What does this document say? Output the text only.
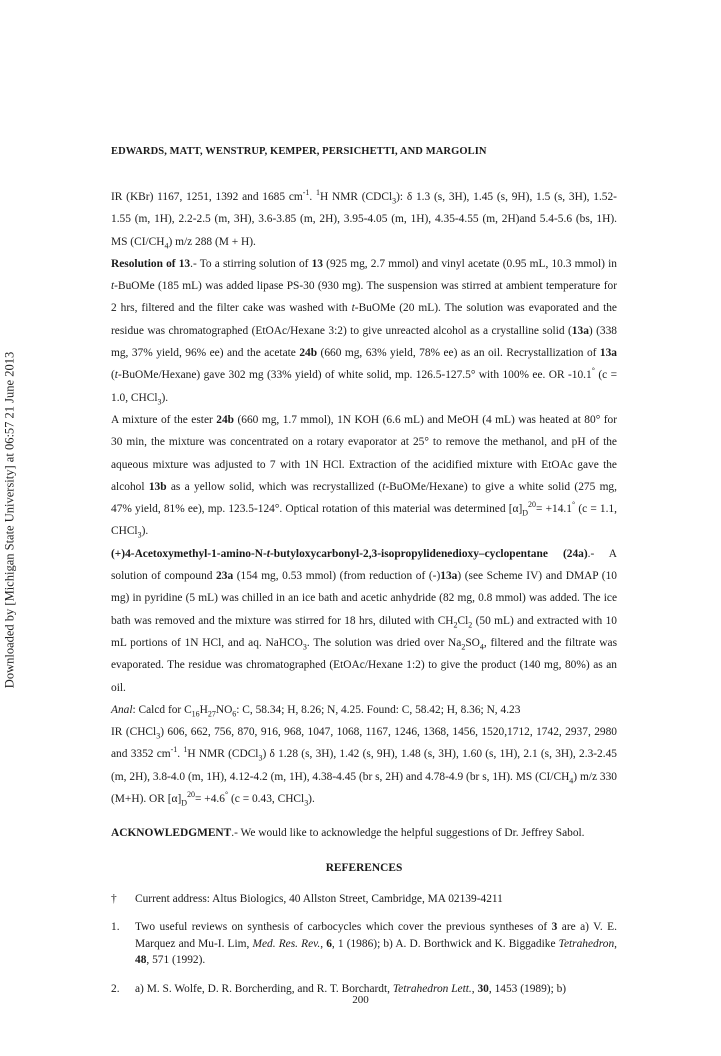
Downloaded by [Michigan State University] at 06:57 21 June 2013
EDWARDS, MATT, WENSTRUP, KEMPER, PERSICHETTI, AND MARGOLIN

IR (KBr) 1167, 1251, 1392 and 1685 $cm^{-1}$. $^1$H NMR (CDCl$_3$): δ 1.3 (s, 3H), 1.45 (s, 9H), 1.5 (s, 3H), 1.52-1.55 (m, 1H), 2.2-2.5 (m, 3H), 3.6-3.85 (m, 2H), 3.95-4.05 (m, 1H), 4.35-4.55 (m, 2H)and 5.4-5.6 (bs, 1H). MS $(CI/CH_4)$ m/z 288 (M + H).

Resolution of 13.- To a stirring solution of 13 (925 mg, 2.7 mmol) and vinyl acetate (0.95 mL, 10.3 mmol) in t-BuOMe (185 mL) was added lipase PS-30 (930 mg). The suspension was stirred at ambient temperature for 2 hrs, filtered and the filter cake was washed with t-BuOMe (20 mL). The solution was evaporated and the residue was chromatographed (EtOAc/Hexane 3:2) to give unreacted alcohol as a crystalline solid (13a) (338 mg, 37% yield, 96% ee) and the acetate 24b (660 mg, 63% yield, 78% ee) as an oil. Recrystallization of 13a (t-BuOMe/Hexane) gave 302 mg (33% yield) of white solid, mp. 126.5-127.5° with 100% ee. OR -10.1° (c = 1.0, CHCl$_3$).

A mixture of the ester 24b (660 mg, 1.7 mmol), 1N KOH (6.6 mL) and MeOH (4 mL) was heated at 80° for 30 min, the mixture was concentrated on a rotary evaporator at 25° to remove the methanol, and pH of the aqueous mixture was adjusted to 7 with 1N HCl. Extraction of the acidified mixture with EtOAc gave the alcohol 13b as a yellow solid, which was recrystallized (t-BuOMe/Hexane) to give a white solid (275 mg, 47% yield, 81% ee), mp. 123.5-124°. Optical rotation of this material was determined $[\alpha]_D^{20}= +14.1^\circ$ (c = 1.1, CHCl$_3$).

(+)4-Acetoxymethyl-1-amino-N-t-butyloxycarbonyl-2,3-isopropylidenedioxy–cyclopentane (24a).- A solution of compound 23a (154 mg, 0.53 mmol) (from reduction of (-)13a) (see Scheme IV) and DMAP (10 mg) in pyridine (5 mL) was chilled in an ice bath and acetic anhydride (82 mg, 0.8 mmol) was added. The ice bath was removed and the mixture was stirred for 18 hrs, diluted with $CH_2Cl_2$ (50 mL) and extracted with 10 mL portions of 1N HCl, and aq. NaHCO$_3$. The solution was dried over $Na_2SO_4$, filtered and the filtrate was evaporated. The residue was chromatographed (EtOAc/Hexane 1:2) to give the product (140 mg, 80%) as an oil.

Anal: Calcd for $C_{16}H_{27}NO_6$: C, 58.34; H, 8.26; N, 4.25. Found: C, 58.42; H, 8.36; N, 4.23

IR (CHCl$_3$) 606, 662, 756, 870, 916, 968, 1047, 1068, 1167, 1246, 1368, 1456, 1520,1712, 1742, 2937, 2980 and 3352 $cm^{-1}$. $^1$H NMR (CDCl$_3$) δ 1.28 (s, 3H), 1.42 (s, 9H), 1.48 (s, 3H), 1.60 (s, 1H), 2.1 (s, 3H), 2.3-2.45 (m, 2H), 3.8-4.0 (m, 1H), 4.12-4.2 (m, 1H), 4.38-4.45 (br s, 2H) and 4.78-4.9 (br s, 1H). MS $(CI/CH_4)$ m/z 330 (M+H). OR $[\alpha]_D^{20}= +4.6^\circ$ (c = 0.43, CHCl$_3$).

ACKNOWLEDGMENT.- We would like to acknowledge the helpful suggestions of Dr. Jeffrey Sabol.

REFERENCES

† Current address: Altus Biologics, 40 Allston Street, Cambridge, MA 02139-4211

1. Two useful reviews on synthesis of carbocycles which cover the previous syntheses of 3 are a) V. E. Marquez and Mu-I. Lim, Med. Res. Rev., 6, 1 (1986); b) A. D. Borthwick and K. Biggadike Tetrahedron, 48, 571 (1992).

2. a) M. S. Wolfe, D. R. Borcherding, and R. T. Borchardt, Tetrahedron Lett., 30, 1453 (1989); b)

200
